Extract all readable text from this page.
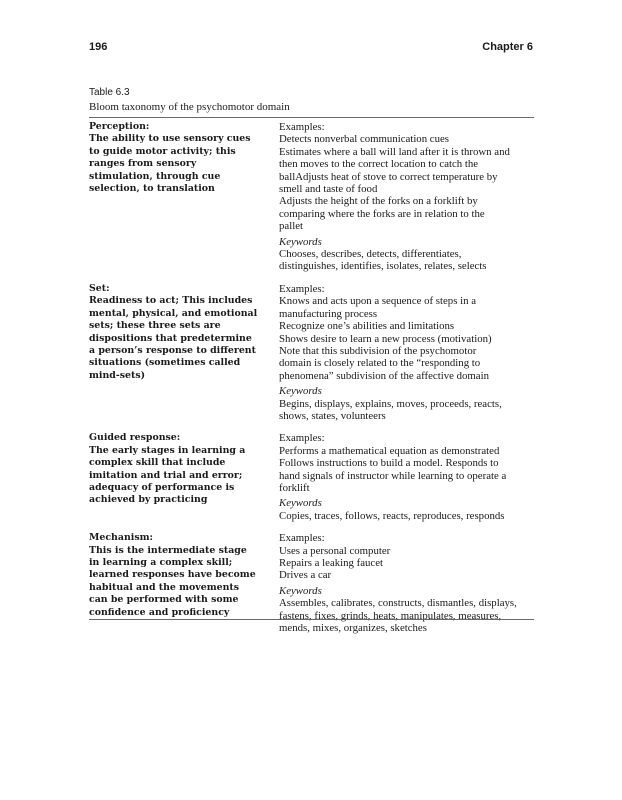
196	Chapter 6
Table 6.3
Bloom taxonomy of the psychomotor domain
Perception:
The ability to use sensory cues
to guide motor activity; this
ranges from sensory
stimulation, through cue
selection, to translation
Examples:
Detects nonverbal communication cues
Estimates where a ball will land after it is thrown and
then moves to the correct location to catch the
ballAdjusts heat of stove to correct temperature by
smell and taste of food
Adjusts the height of the forks on a forklift by
comparing where the forks are in relation to the
pallet
Keywords
Chooses, describes, detects, differentiates,
distinguishes, identifies, isolates, relates, selects
Set:
Readiness to act; This includes
mental, physical, and emotional
sets; these three sets are
dispositions that predetermine
a person’s response to different
situations (sometimes called
mind-sets)
Examples:
Knows and acts upon a sequence of steps in a
manufacturing process
Recognize one’s abilities and limitations
Shows desire to learn a new process (motivation)
Note that this subdivision of the psychomotor
domain is closely related to the “responding to
phenomena” subdivision of the affective domain
Keywords
Begins, displays, explains, moves, proceeds, reacts,
shows, states, volunteers
Guided response:
The early stages in learning a
complex skill that include
imitation and trial and error;
adequacy of performance is
achieved by practicing
Examples:
Performs a mathematical equation as demonstrated
Follows instructions to build a model. Responds to
hand signals of instructor while learning to operate a
forklift
Keywords
Copies, traces, follows, reacts, reproduces, responds
Mechanism:
This is the intermediate stage
in learning a complex skill;
learned responses have become
habitual and the movements
can be performed with some
confidence and proficiency
Examples:
Uses a personal computer
Repairs a leaking faucet
Drives a car
Keywords
Assembles, calibrates, constructs, dismantles, displays,
fastens, fixes, grinds, heats, manipulates, measures,
mends, mixes, organizes, sketches
